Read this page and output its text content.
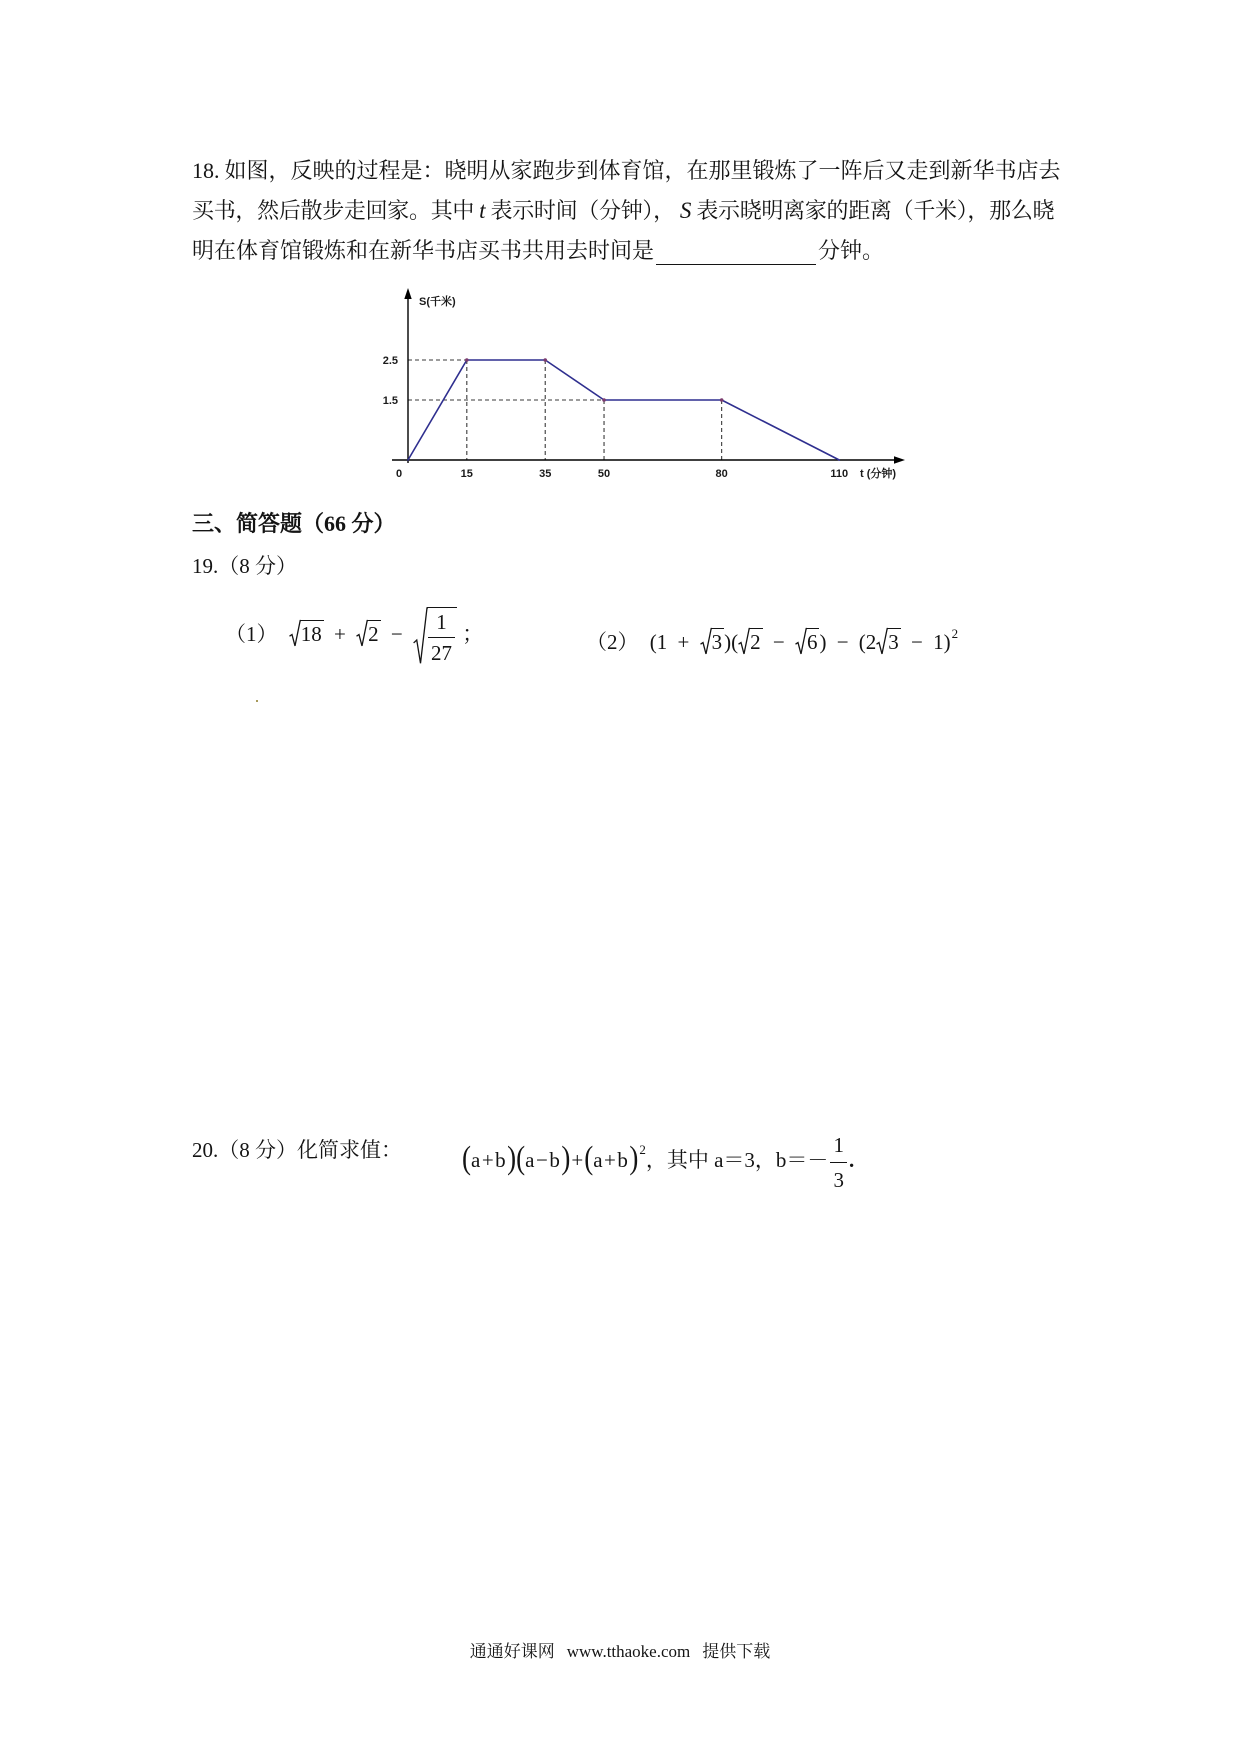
18. 如图，反映的过程是：晓明从家跑步到体育馆，在那里锻炼了一阵后又走到新华书店去
买书，然后散步走回家。其中 t 表示时间（分钟）， S 表示晓明离家的距离（千米），那么晓
明在体育馆锻炼和在新华书店买书共用去时间是	分钟。
0	15	35	50	80	110
2.5
1.5
S(千米)
t (分钟)
三、简答题（66 分）
19.（8 分）
（1） $18 + 2 - \frac{1}{27}$ ；	（2） (1 + 3)( 2 − 6) − (2 3 − 1)$^2$
20.（8 分）化简求值： $(a+b)(a-b)+(a+b)^2$，其中 a＝3，$b=- \frac{1}{3}$ .
通通好课网 www.tthaoke.com 提供下载
